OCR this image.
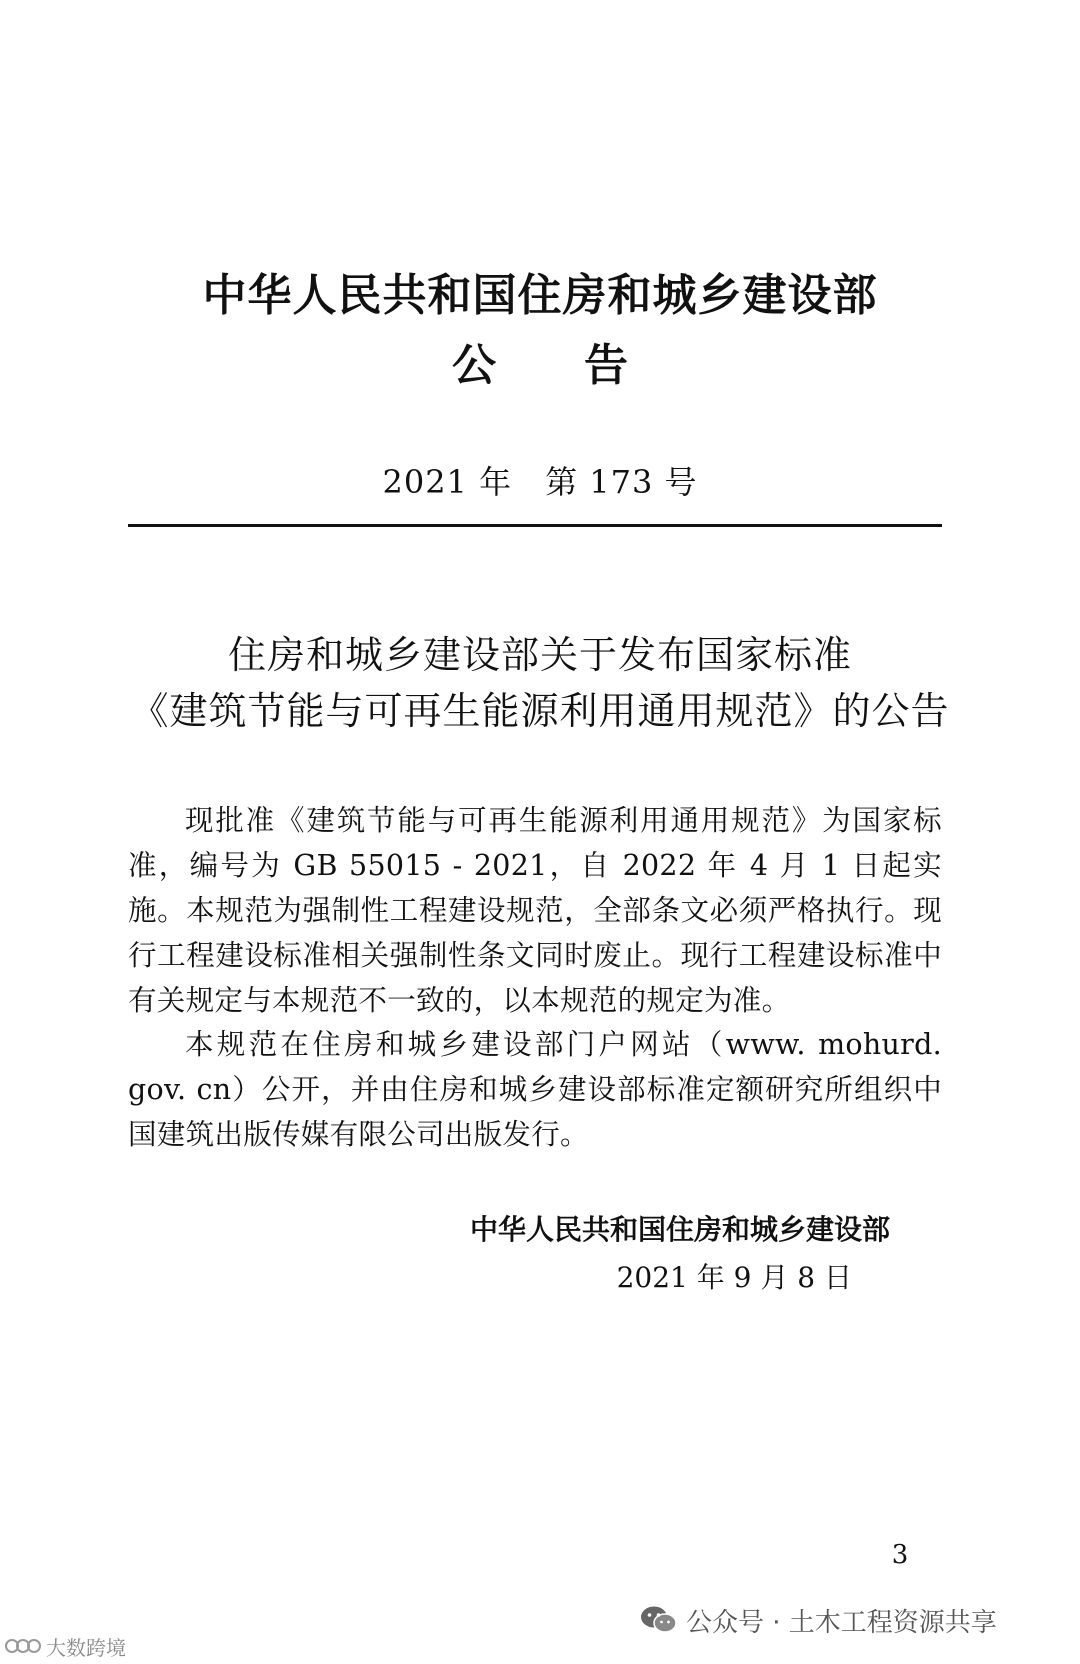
中华人民共和国住房和城乡建设部
公告
2021 年　第 173 号
住房和城乡建设部关于发布国家标准
《建筑节能与可再生能源利用通用规范》的公告
现批准《建筑节能与可再生能源利用通用规范》为国家标准，编号为 GB 55015 - 2021，自 2022 年 4 月 1 日起实施。本规范为强制性工程建设规范，全部条文必须严格执行。现行工程建设标准相关强制性条文同时废止。现行工程建设标准中有关规定与本规范不一致的，以本规范的规定为准。
本规范在住房和城乡建设部门户网站（www. mohurd. gov. cn）公开，并由住房和城乡建设部标准定额研究所组织中国建筑出版传媒有限公司出版发行。
中华人民共和国住房和城乡建设部
2021 年 9 月 8 日
3
公众号 · 土木工程资源共享
大数跨境
